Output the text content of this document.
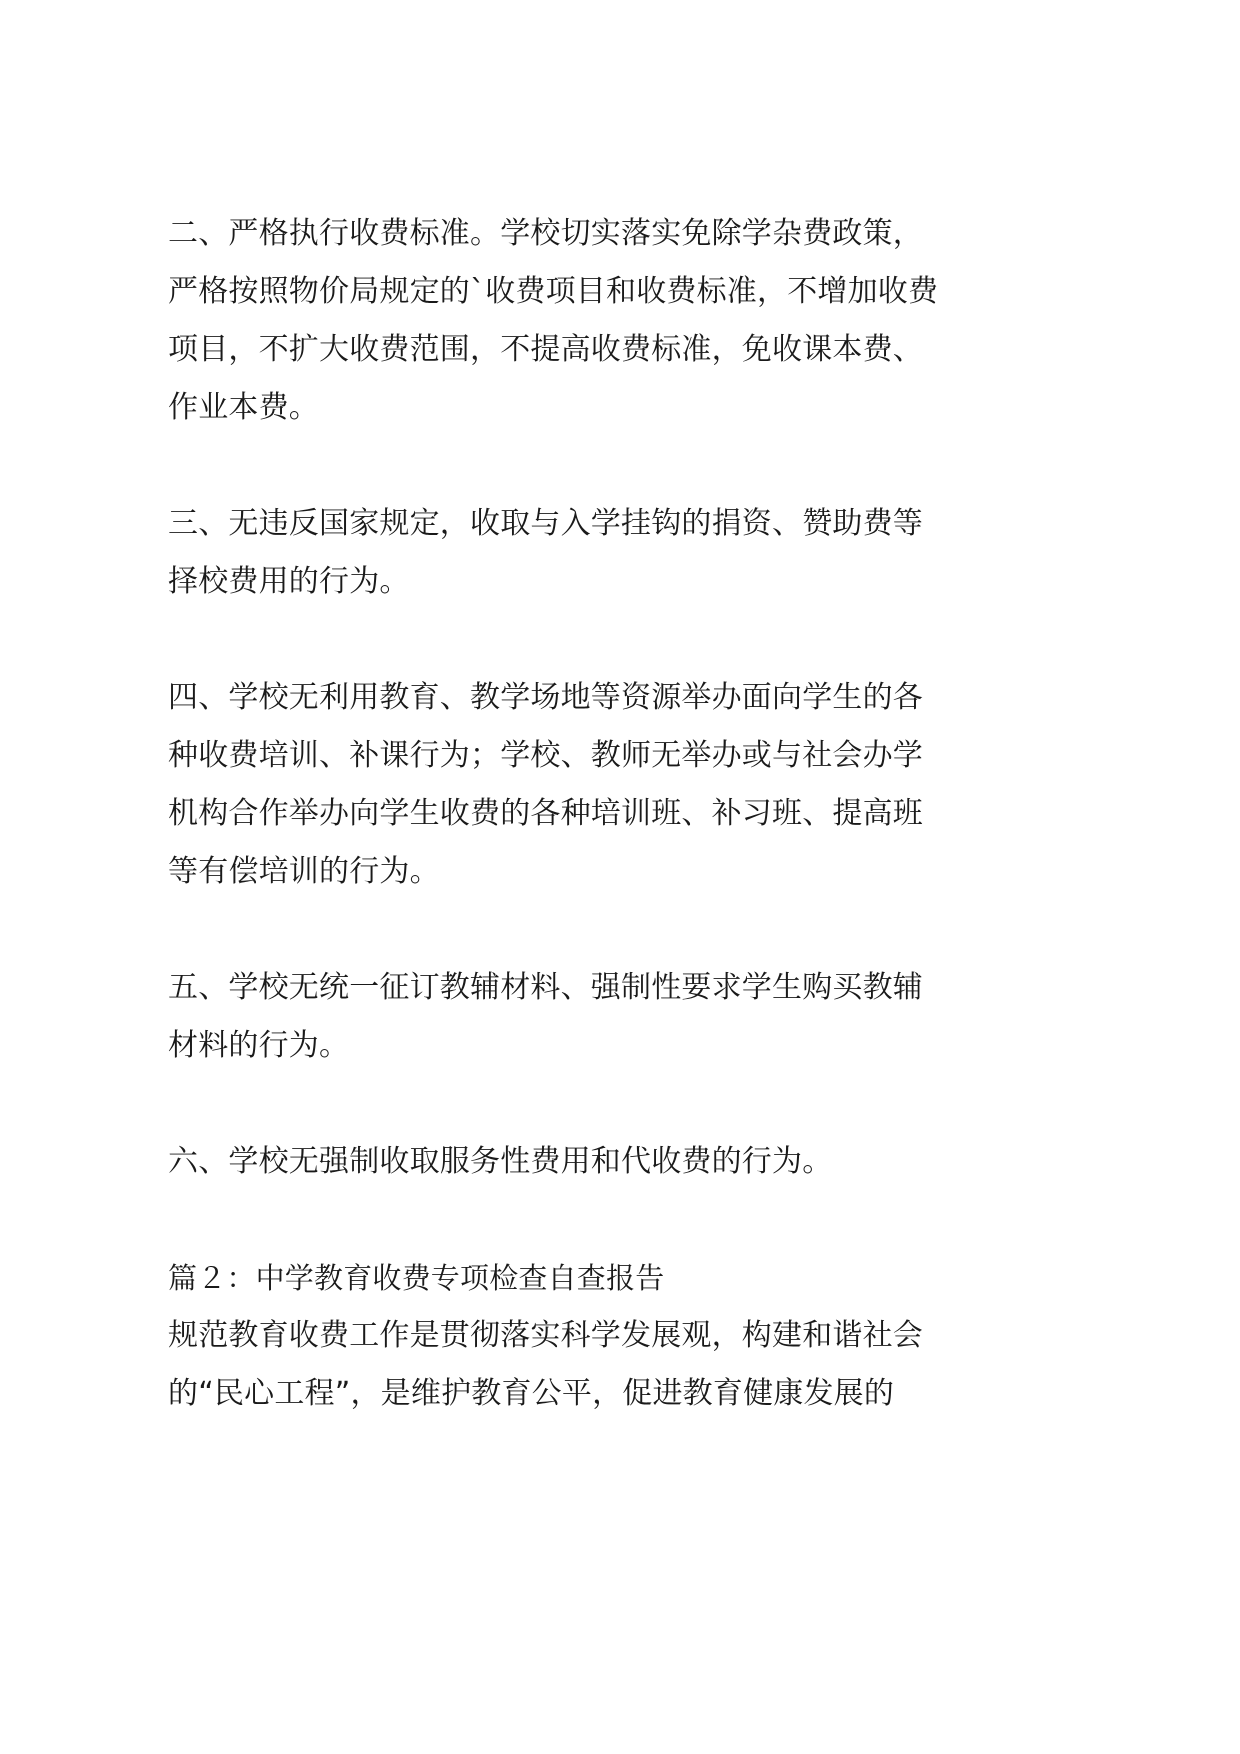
二、严格执行收费标准。学校切实落实免除学杂费政策，

严格按照物价局规定的`收费项目和收费标准，不增加收费

项目，不扩大收费范围，不提高收费标准，免收课本费、

作业本费。

三、无违反国家规定，收取与入学挂钩的捐资、赞助费等

择校费用的行为。

四、学校无利用教育、教学场地等资源举办面向学生的各

种收费培训、补课行为；学校、教师无举办或与社会办学

机构合作举办向学生收费的各种培训班、补习班、提高班

等有偿培训的行为。

五、学校无统一征订教辅材料、强制性要求学生购买教辅

材料的行为。

六、学校无强制收取服务性费用和代收费的行为。

篇２：中学教育收费专项检查自查报告

规范教育收费工作是贯彻落实科学发展观，构建和谐社会

的“民心工程”，是维护教育公平，促进教育健康发展的
